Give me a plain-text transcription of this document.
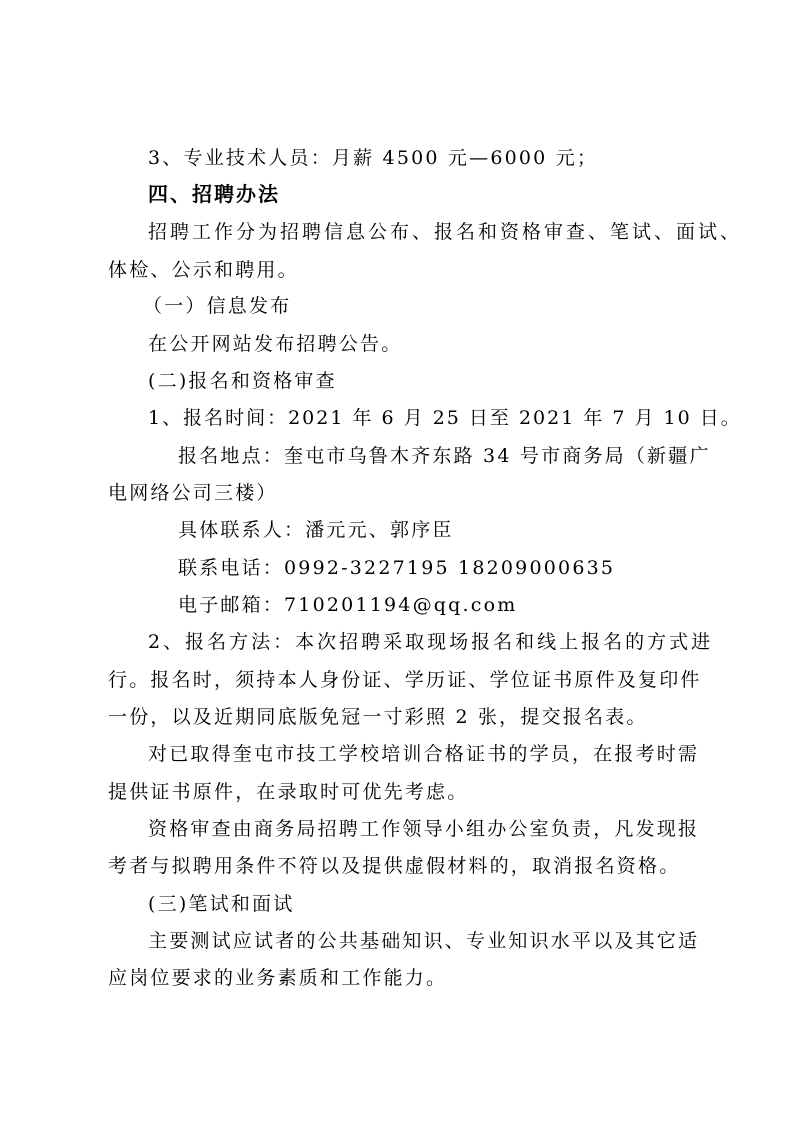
3、专业技术人员：月薪 4500 元—6000 元；
四、招聘办法
招聘工作分为招聘信息公布、报名和资格审查、笔试、面试、
体检、公示和聘用。
（一）信息发布
在公开网站发布招聘公告。
(二)报名和资格审查
1、报名时间：2021 年 6 月 25 日至 2021 年 7 月 10 日。
报名地点：奎屯市乌鲁木齐东路 34 号市商务局（新疆广
电网络公司三楼）
具体联系人：潘元元、郭序臣
联系电话：0992-3227195 18209000635
电子邮箱：710201194@qq.com
2、报名方法：本次招聘采取现场报名和线上报名的方式进
行。报名时，须持本人身份证、学历证、学位证书原件及复印件
一份，以及近期同底版免冠一寸彩照 2 张，提交报名表。
对已取得奎屯市技工学校培训合格证书的学员，在报考时需
提供证书原件，在录取时可优先考虑。
资格审查由商务局招聘工作领导小组办公室负责，凡发现报
考者与拟聘用条件不符以及提供虚假材料的，取消报名资格。
(三)笔试和面试
主要测试应试者的公共基础知识、专业知识水平以及其它适
应岗位要求的业务素质和工作能力。
